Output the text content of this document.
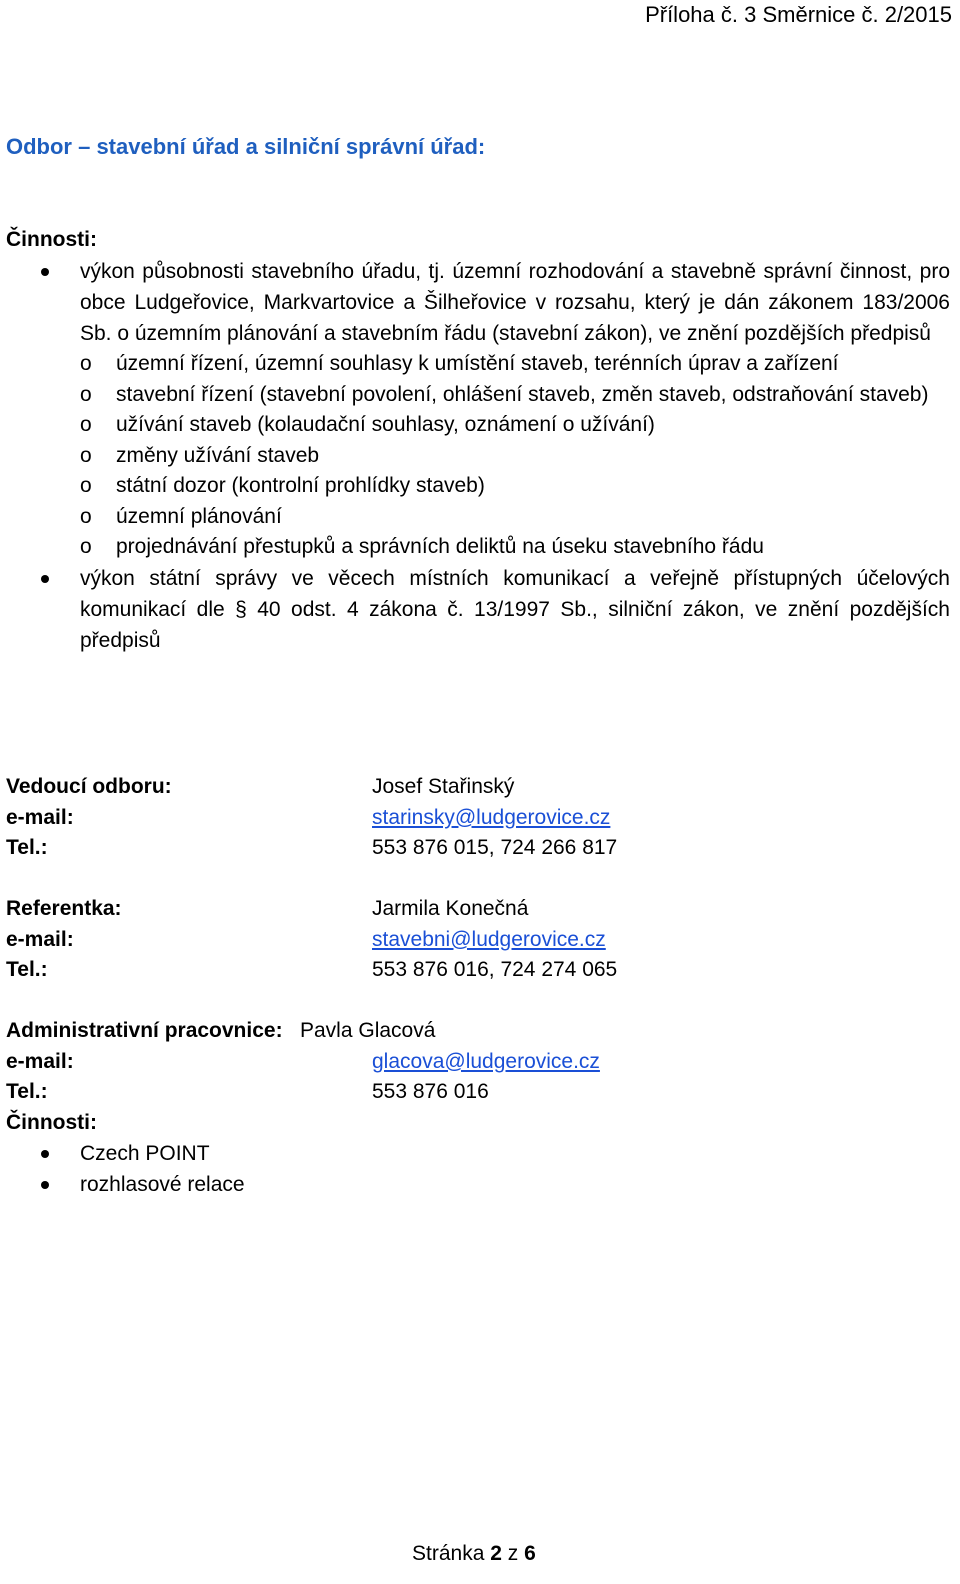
Příloha č. 3 Směrnice č. 2/2015
Odbor – stavební úřad a silniční správní úřad:
Činnosti:
výkon působnosti stavebního úřadu, tj. územní rozhodování a stavebně správní činnost, pro obce Ludgeřovice, Markvartovice a Šilheřovice v rozsahu, který je dán zákonem 183/2006 Sb. o územním plánování a stavebním řádu (stavební zákon), ve znění pozdějších předpisů
o územní řízení, územní souhlasy k umístění staveb, terénních úprav a zařízení
o stavební řízení (stavební povolení, ohlášení staveb, změn staveb, odstraňování staveb)
o užívání staveb (kolaudační souhlasy, oznámení o užívání)
o změny užívání staveb
o státní dozor (kontrolní prohlídky staveb)
o územní plánování
o projednávání přestupků a správních deliktů na úseku stavebního řádu
výkon státní správy ve věcech místních komunikací a veřejně přístupných účelových komunikací dle § 40 odst. 4 zákona č. 13/1997 Sb., silniční zákon, ve znění pozdějších předpisů
Vedoucí odboru:	Josef Stařinský
e-mail:	starinsky@ludgerovice.cz
Tel.:	553 876 015, 724 266 817
Referentka:	Jarmila Konečná
e-mail:	stavebni@ludgerovice.cz
Tel.:	553 876 016, 724 274 065
Administrativní pracovnice: Pavla Glacová
e-mail:	glacova@ludgerovice.cz
Tel.:	553 876 016
Činnosti:
Czech POINT
rozhlasové relace
Stránka 2 z 6
